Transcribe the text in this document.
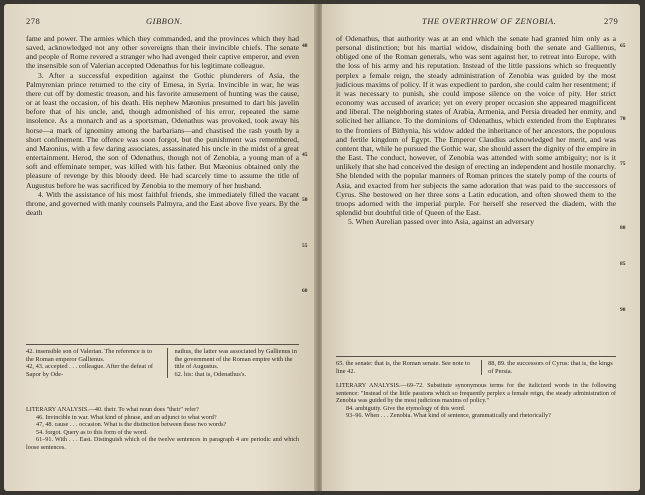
278	GIBBON.

fame and power. The armies which they commanded, and the provinces which they had saved, acknowledged not any other sovereigns than their invincible chiefs. The senate and people of Rome revered a stranger who had avenged their captive emperor, and even the insensible son of Valerian accepted Odenathus for his legitimate colleague.

3. After a successful expedition against the Gothic plunderers of Asia, the Palmyrenian prince returned to the city of Emesa, in Syria. Invincible in war, he was there cut off by domestic treason, and his favorite amusement of hunting was the cause, or at least the occasion, of his death. His nephew Mæonius presumed to dart his javelin before that of his uncle, and, though admonished of his error, repeated the same insolence. As a monarch and as a sportsman, Odenathus was provoked, took away his horse—a mark of ignominy among the barbarians—and chastised the rash youth by a short confinement. The offence was soon forgot, but the punishment was remembered, and Mæonius, with a few daring associates, assassinated his uncle in the midst of a great entertainment. Herod, the son of Odenathus, though not of Zenobia, a young man of a soft and effeminate temper, was killed with his father. But Mæonius obtained only the pleasure of revenge by this bloody deed. He had scarcely time to assume the title of Augustus before he was sacrificed by Zenobia to the memory of her husband.

4. With the assistance of his most faithful friends, she immediately filled the vacant throne, and governed with manly counsels Palmyra, and the East above five years. By the death

40
45
50
55
60
42. insensible son of Valerian. The reference is to the Roman emperor Gallienus.
42, 43. accepted . . . colleague. After the defeat of Sapor by Ode-

nathus, the latter was associated by Gallienus in the government of the Roman empire with the title of Augustus.
62. his: that is, Odenathus's.

LITERARY ANALYSIS.—40. their. To what noun does "their" refer?

46. Invincible in war. What kind of phrase, and an adjunct to what word?

47, 48. cause . . . occasion. What is the distinction between these two words?

54. forgot. Query as to this form of the word.

61–91. With . . . East. Distinguish which of the twelve sentences in paragraph 4 are periodic and which loose sentences.

THE OVERTHROW OF ZENOBIA.	279

of Odenathus, that authority was at an end which the senate had granted him only as a personal distinction; but his martial widow, disdaining both the senate and Gallienus, obliged one of the Roman generals, who was sent against her, to retreat into Europe, with the loss of his army and his reputation. Instead of the little passions which so frequently perplex a female reign, the steady administration of Zenobia was guided by the most judicious maxims of policy. If it was expedient to pardon, she could calm her resentment; if it was necessary to punish, she could impose silence on the voice of pity. Her strict economy was accused of avarice; yet on every proper occasion she appeared magnificent and liberal. The neighboring states of Arabia, Armenia, and Persia dreaded her enmity, and solicited her alliance. To the dominions of Odenathus, which extended from the Euphrates to the frontiers of Bithynia, his widow added the inheritance of her ancestors, the populous and fertile kingdom of Egypt. The Emperor Claudius acknowledged her merit, and was content that, while he pursued the Gothic war, she should assert the dignity of the empire in the East. The conduct, however, of Zenobia was attended with some ambiguity; nor is it unlikely that she had conceived the design of erecting an independent and hostile monarchy. She blended with the popular manners of Roman princes the stately pomp of the courts of Asia, and exacted from her subjects the same adoration that was paid to the successors of Cyrus. She bestowed on her three sons a Latin education, and often showed them to the troops adorned with the imperial purple. For herself she reserved the diadem, with the splendid but doubtful title of Queen of the East.

5. When Aurelian passed over into Asia, against an adversary

65
70
75
80
85
90
65. the senate: that is, the Roman senate. See note to line 42.

88, 89. the successors of Cyrus: that is, the kings of Persia.

LITERARY ANALYSIS.—69–72. Substitute synonymous terms for the italicized words in the following sentence: "Instead of the little passions which so frequently perplex a female reign, the steady administration of Zenobia was guided by the most judicious maxims of policy."

84. ambiguity. Give the etymology of this word.

93–96. When . . . Zenobia. What kind of sentence, grammatically and rhetorically?
